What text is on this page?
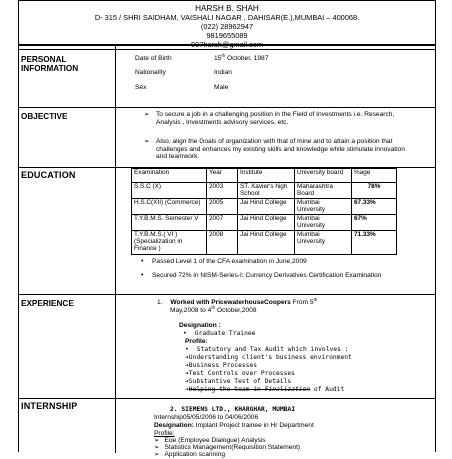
HARSH B. SHAH
D- 315 / SHRI SAIDHAM, VAISHALI NAGAR , DAHISAR(E.),MUMBAI – 400068.
(022) 28962947
9819655089
007harsh@gmail.com
PERSONAL
INFORMATION
Date of Birth	15th October, 1987
Nationality	Indian
Sex	Male
OBJECTIVE	➢ To secure a job in a challenging position in the Field of Investments i.e. Research, Analysis , Investments advisory services, etc.
➢ Also, align the Goals of organization with that of mine and to attain a position that challenges and enhances my existing skills and knowledge while stimulate innovation and teamwork.
EDUCATION	Examination	Year	Institute	University board	%age
S.S.C (X)	2003	ST. Xavier's high School	Maharashtra Board	78%
H.S.C(XII) (Commerce)	2005	Jai Hind College	Mumbai University	67.33%
T.Y.B.M.S. Semester V	2007	Jai Hind College	Mumbai University	67%
T.Y.B.M.S.( VI ) (Specialization in Finance )	2008	Jai Hind College	Mumbai University	71.33%
• Passed Level 1 of the CFA examination in June,2009
• Secured 72% in NISM-Series-I: Currency Derivatives Certification Examination
EXPERIENCE	1. Worked with PricewaterhouseCoopers From 5th
May,2008 to 4th October,2008
Designation :
• Graduate Trainee
Profile:
• Statutory and Tax Audit which involves :
➔Understanding client's business environment
➔Business Processes
➔Test Controls over Processes
➔Substantive Test of Details
➔Helping the team in Finalization of Audit
INTERNSHIP	2. SIEMENS LTD., KHARGHAR, MUMBAI
Internship05/05/2006 to 04/06/2006
Designation: Implant Project trainee in Hr Department
Profile:
➢ Eoe (Employee Dialogue) Analysis
➢ Statistics Management(Requisition Statement)
➢ Application scanning
